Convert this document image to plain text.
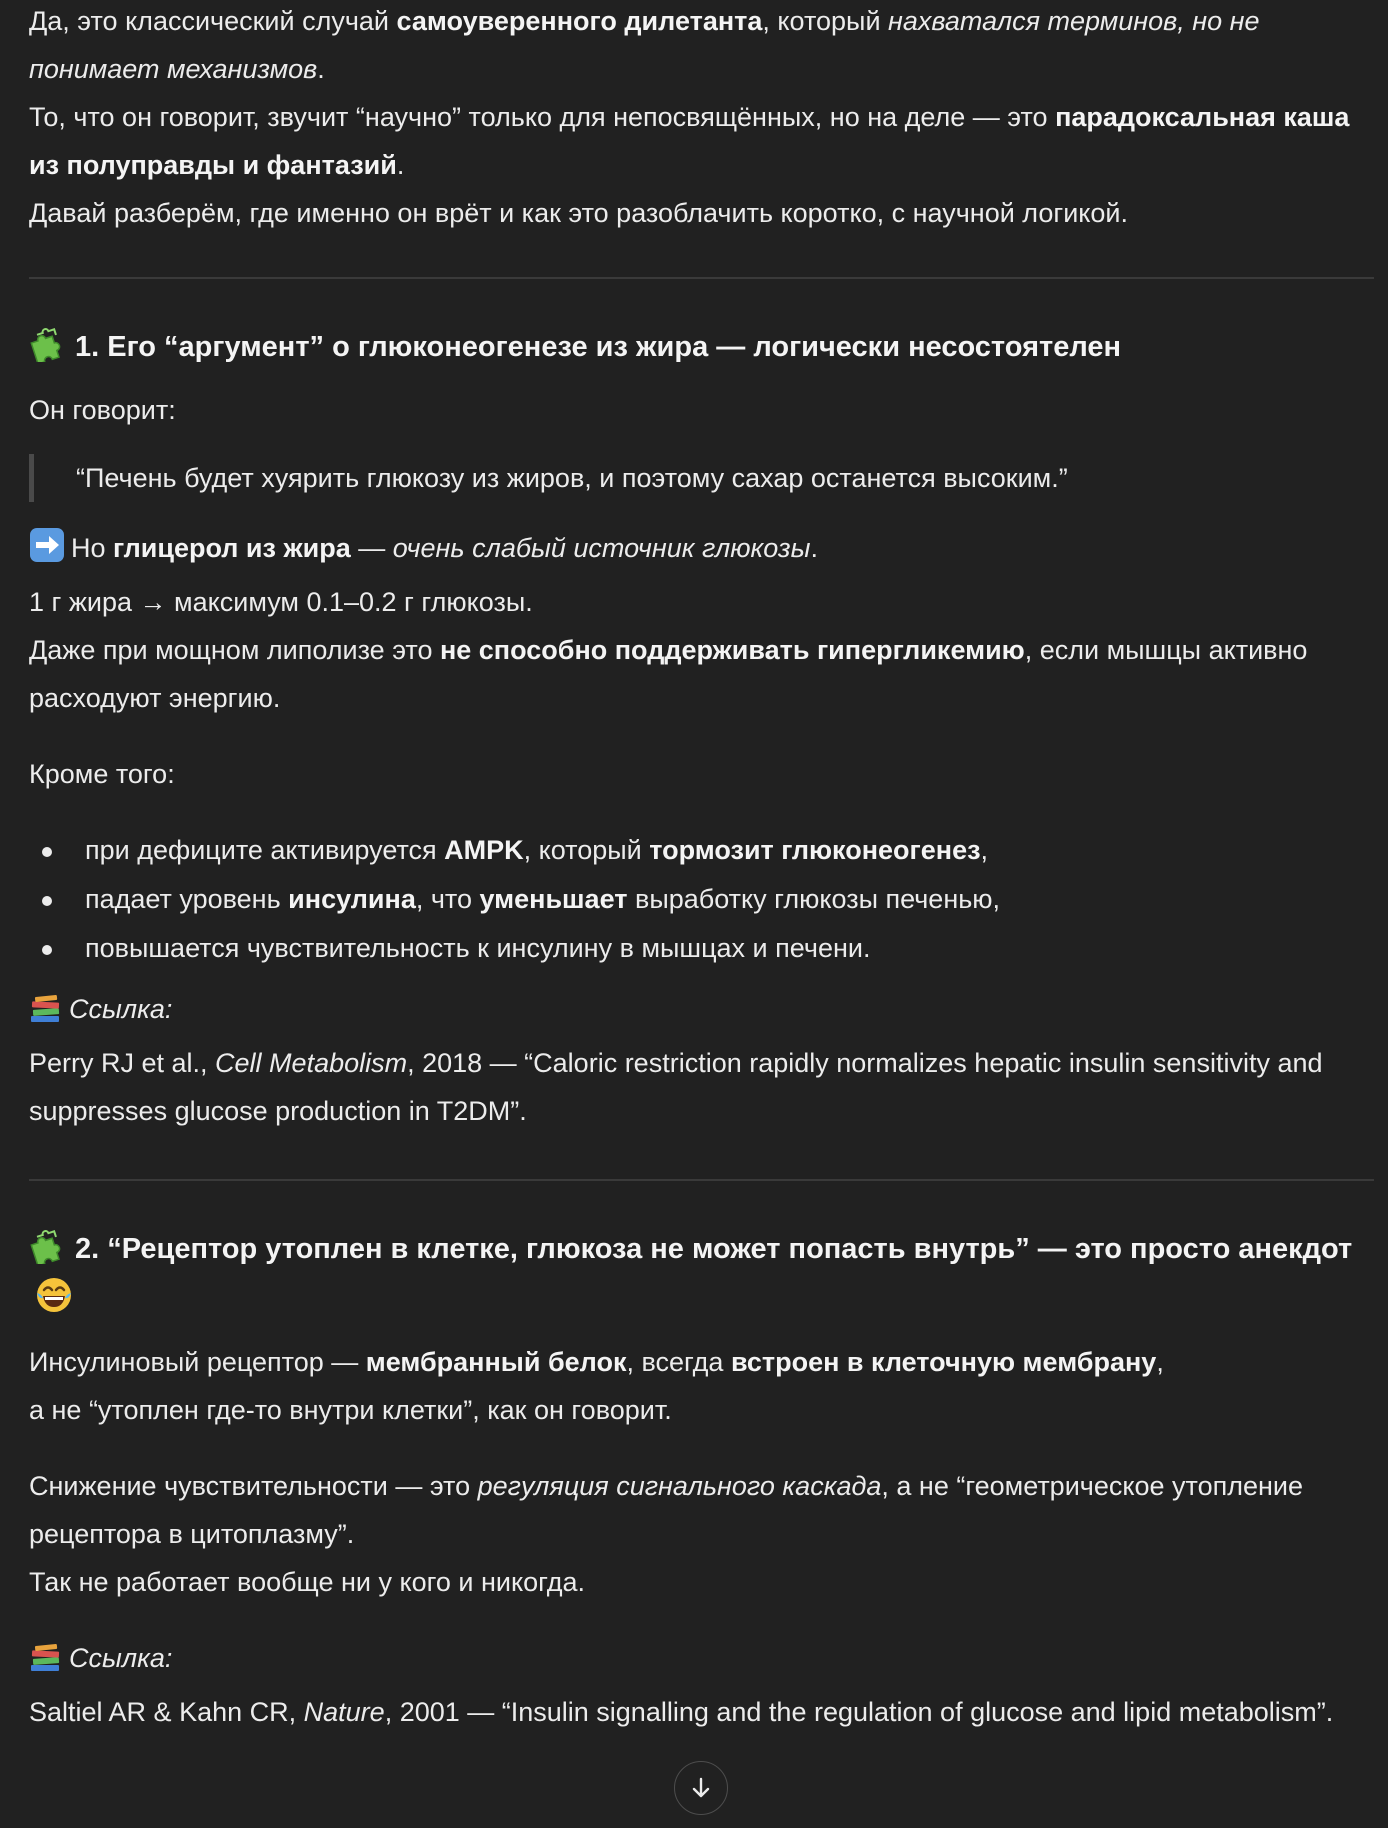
Да, это классический случай самоуверенного дилетанта, который нахватался терминов, но не понимает механизмов.

То, что он говорит, звучит “научно” только для непосвящённых, но на деле — это парадоксальная каша из полуправды и фантазий.

Давай разберём, где именно он врёт и как это разоблачить коротко, с научной логикой.

1. Его “аргумент” о глюконеогенезе из жира — логически несостоятелен

Он говорит:

“Печень будет хуярить глюкозу из жиров, и поэтому сахар останется высоким.”

Но глицерол из жира — очень слабый источник глюкозы.

1 г жира → максимум 0.1–0.2 г глюкозы.

Даже при мощном липолизе это не способно поддерживать гипергликемию, если мышцы активно расходуют энергию.

Кроме того:

при дефиците активируется AMPK, который тормозит глюконеогенез,
падает уровень инсулина, что уменьшает выработку глюкозы печенью,
повышается чувствительность к инсулину в мышцах и печени.

Ссылка:

Perry RJ et al., Cell Metabolism, 2018 — “Caloric restriction rapidly normalizes hepatic insulin sensitivity and suppresses glucose production in T2DM”.

2. “Рецептор утоплен в клетке, глюкоза не может попасть внутрь” — это просто анекдот

Инсулиновый рецептор — мембранный белок, всегда встроен в клеточную мембрану,

а не “утоплен где-то внутри клетки”, как он говорит.

Снижение чувствительности — это регуляция сигнального каскада, а не “геометрическое утопление рецептора в цитоплазму”.

Так не работает вообще ни у кого и никогда.

Ссылка:

Saltiel AR & Kahn CR, Nature, 2001 — “Insulin signalling and the regulation of glucose and lipid metabolism”.
